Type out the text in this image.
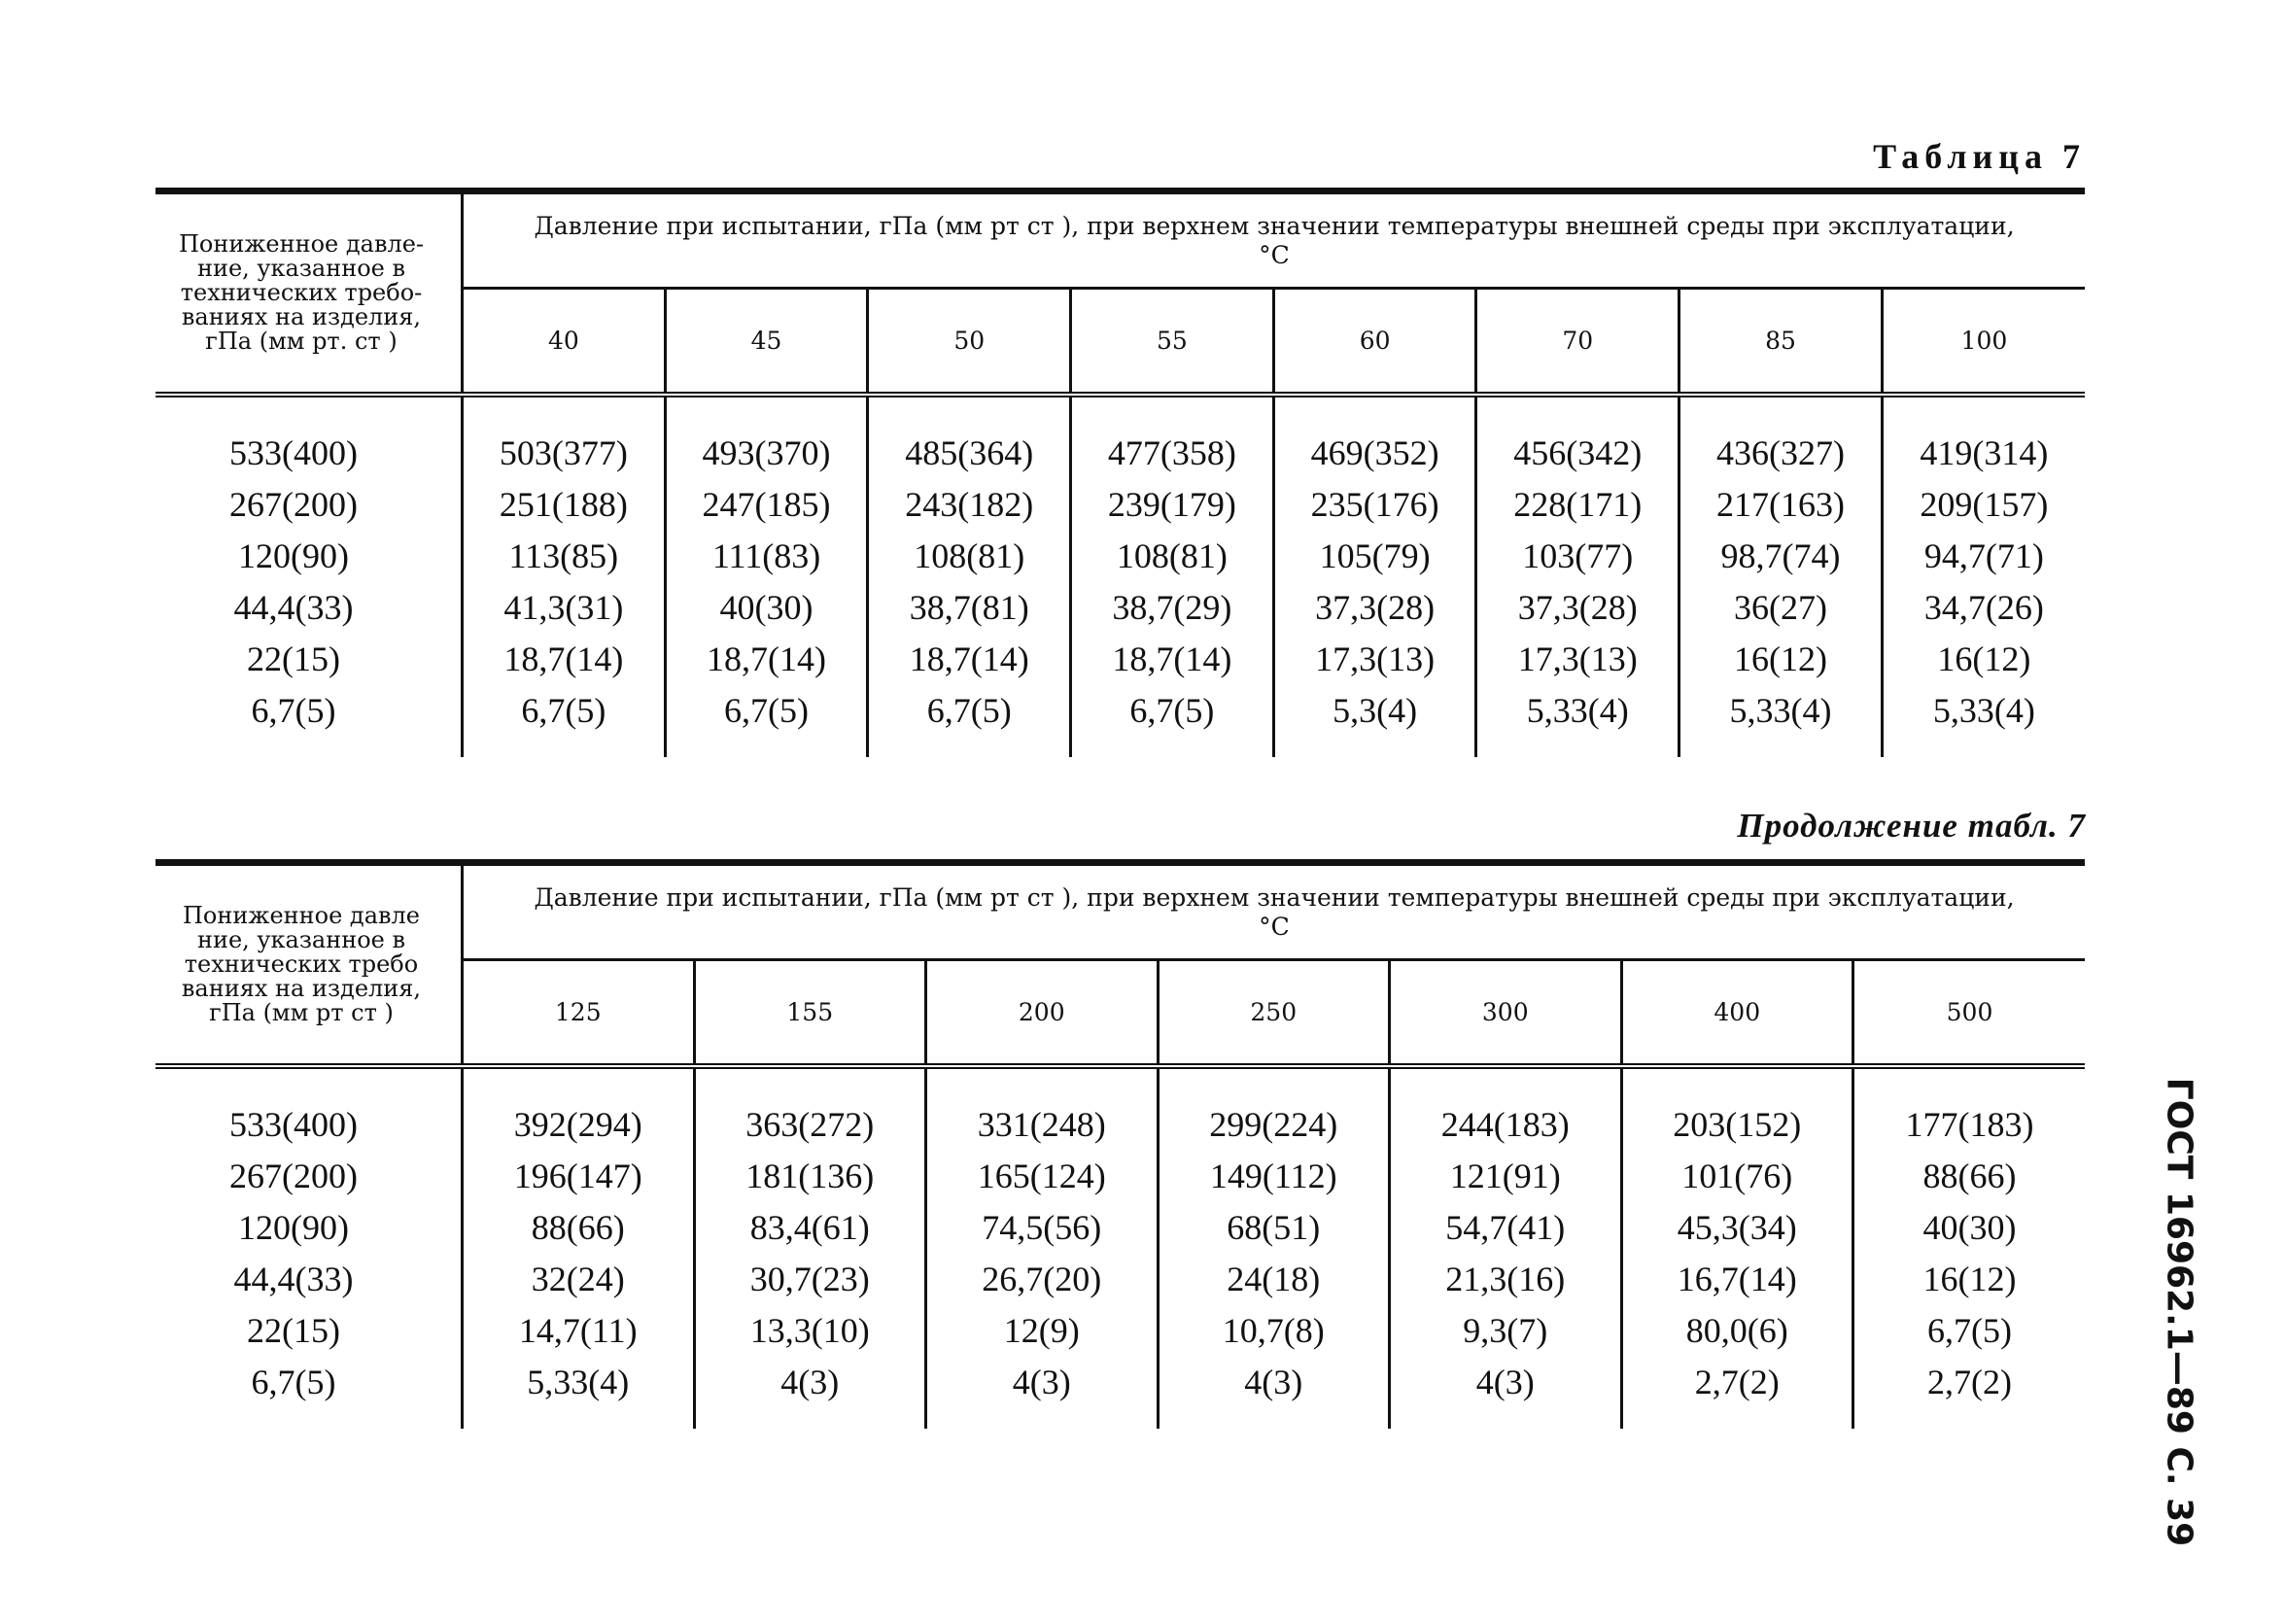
Таблица 7
Пониженное давле-
ние, указанное в
технических требо-
ваниях на изделия,
гПа (мм рт. ст )	Давление при испытании, гПа (мм рт ст ), при верхнем значении температуры внешней среды при эксплуатации, °С							
	40	45	50	55	60	70	85	100
533(400)	503(377)	493(370)	485(364)	477(358)	469(352)	456(342)	436(327)	419(314)
267(200)	251(188)	247(185)	243(182)	239(179)	235(176)	228(171)	217(163)	209(157)
120(90)	113(85)	111(83)	108(81)	108(81)	105(79)	103(77)	98,7(74)	94,7(71)
44,4(33)	41,3(31)	40(30)	38,7(81)	38,7(29)	37,3(28)	37,3(28)	36(27)	34,7(26)
22(15)	18,7(14)	18,7(14)	18,7(14)	18,7(14)	17,3(13)	17,3(13)	16(12)	16(12)
6,7(5)	6,7(5)	6,7(5)	6,7(5)	6,7(5)	5,3(4)	5,33(4)	5,33(4)	5,33(4)
Продолжение табл. 7
Пониженное давле
ние, указанное в
технических требо
ваниях на изделия,
гПа (мм рт ст )	Давление при испытании, гПа (мм рт ст ), при верхнем значении температуры внешней среды при эксплуатации, °С						
	125	155	200	250	300	400	500
533(400)	392(294)	363(272)	331(248)	299(224)	244(183)	203(152)	177(183)
267(200)	196(147)	181(136)	165(124)	149(112)	121(91)	101(76)	88(66)
120(90)	88(66)	83,4(61)	74,5(56)	68(51)	54,7(41)	45,3(34)	40(30)
44,4(33)	32(24)	30,7(23)	26,7(20)	24(18)	21,3(16)	16,7(14)	16(12)
22(15)	14,7(11)	13,3(10)	12(9)	10,7(8)	9,3(7)	80,0(6)	6,7(5)
6,7(5)	5,33(4)	4(3)	4(3)	4(3)	4(3)	2,7(2)	2,7(2)	ГОСТ 16962.1—89 С. 39
